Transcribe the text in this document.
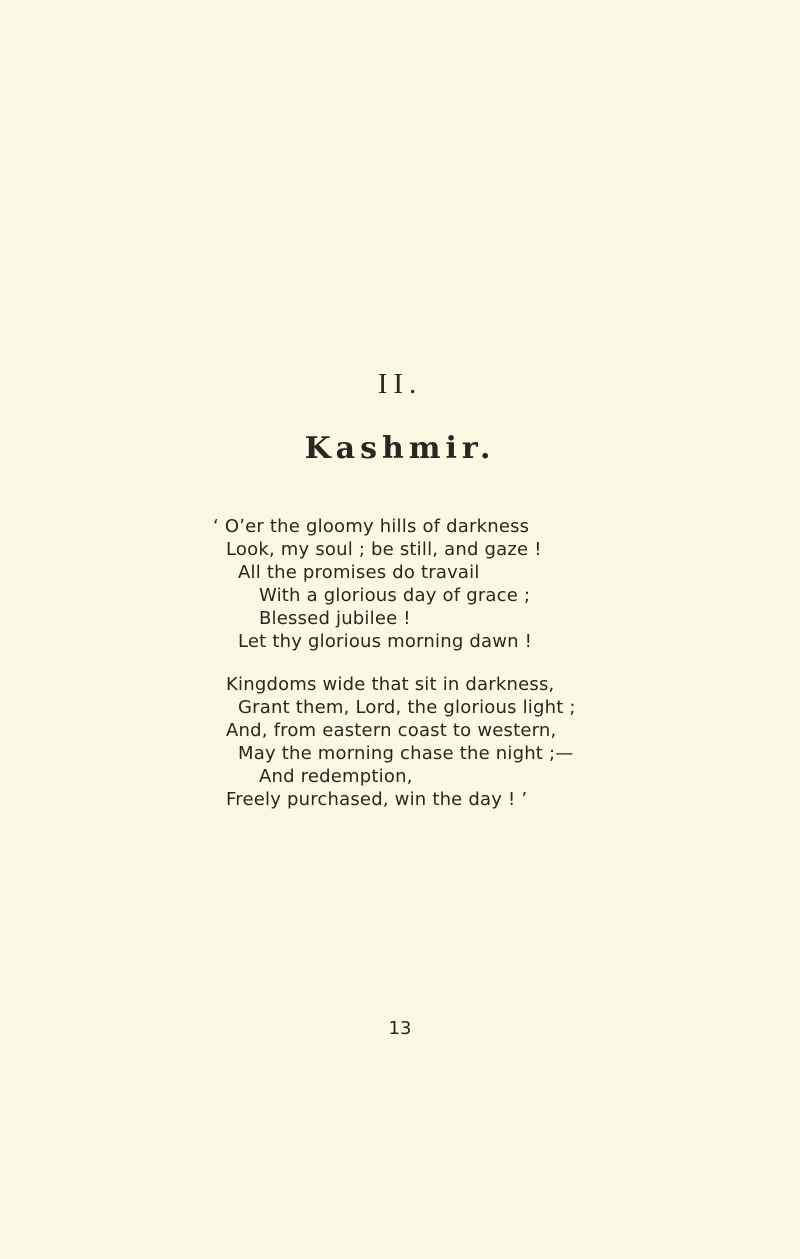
II.
Kashmir.
‘ O’er the gloomy hills of darkness
Look, my soul ; be still, and gaze !
All the promises do travail
With a glorious day of grace ;
Blessed jubilee !
Let thy glorious morning dawn !
Kingdoms wide that sit in darkness,
Grant them, Lord, the glorious light ;
And, from eastern coast to western,
May the morning chase the night ;—
And redemption,
Freely purchased, win the day ! ’
13
